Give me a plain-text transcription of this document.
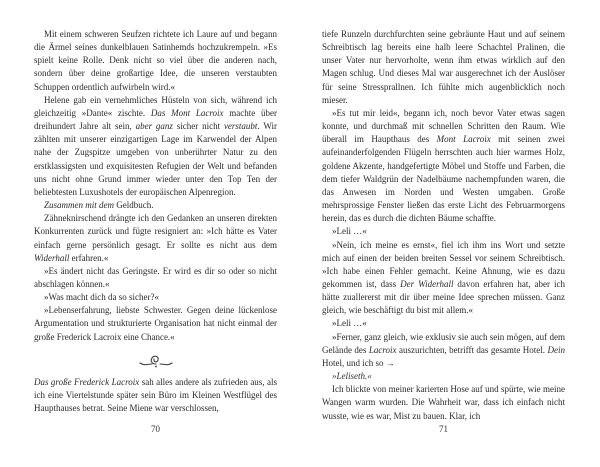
Mit einem schweren Seufzen richtete ich Laure auf und begann die Ärmel seines dunkelblauen Satinhemds hochzukrempeln. »Es spielt keine Rolle. Denk nicht so viel über die anderen nach, sondern über deine großartige Idee, die unseren verstaubten Schuppen ordentlich aufwirbeln wird.«

Helene gab ein vernehmliches Hüsteln von sich, während ich gleichzeitig »Dante« zischte. Das Mont Lacroix machte über dreihundert Jahre alt sein, aber ganz sicher nicht verstaubt. Wir zählten mit unserer einzigartigen Lage im Karwendel der Alpen nahe der Zugspitze umgeben von unberührter Natur zu den erstklassigsten und exquisitesten Refugien der Welt und befanden uns nicht ohne Grund immer wieder unter den Top Ten der beliebtesten Luxushotels der europäischen Alpenregion.

Zusammen mit dem Geldbuch.

Zähneknirschend drängte ich den Gedanken an unseren direkten Konkurrenten zurück und fügte resigniert an: »Ich hätte es Vater einfach gerne persönlich gesagt. Er sollte es nicht aus dem Widerhall erfahren.«

»Es ändert nicht das Geringste. Er wird es dir so oder so nicht abschlagen können.«

»Was macht dich da so sicher?«

»Lebenserfahrung, liebste Schwester. Gegen deine lückenlose Argumentation und strukturierte Organisation hat nicht einmal der große Frederick Lacroix eine Chance.«

Das große Frederick Lacroix sah alles andere als zufrieden aus, als ich eine Viertelstunde später sein Büro im Kleinen Westflügel des Haupthauses betrat. Seine Miene war verschlossen,

tiefe Runzeln durchfurchten seine gebräunte Haut und auf seinem Schreibtisch lag bereits eine halb leere Schachtel Pralinen, die unser Vater nur hervorholte, wenn ihm etwas wirklich auf den Magen schlug. Und dieses Mal war ausgerechnet ich der Auslöser für seine Stressprallnen. Ich fühlte mich augenblicklich noch mieser.

»Es tut mir leid«, begann ich, noch bevor Vater etwas sagen konnte, und durchmaß mit schnellen Schritten den Raum. Wie überall im Haupthaus des Mont Lacroix mit seinen zwei aufeinanderfolgenden Flügeln herrschten auch hier warmes Holz, goldene Akzente, handgefertigte Möbel und Stoffe und Farben, die dem tiefer Waldgrün der Nadelbäume nachempfunden waren, die das Anwesen im Norden und Westen umgaben. Große mehrsprossige Fenster ließen das erste Licht des Februarmorgens herein, das es durch die dichten Bäume schaffte.

»Leli …«

»Nein, ich meine es ernst«, fiel ich ihm ins Wort und setzte mich auf einen der beiden breiten Sessel vor seinem Schreibtisch. »Ich habe einen Fehler gemacht. Keine Ahnung, wie es dazu gekommen ist, dass Der Widerhall davon erfahren hat, aber ich hätte zuallererst mit dir über meine Idee sprechen müssen. Ganz gleich, wie beschäftigt du bist mit allem.«

»Leli …«

»Ferner, ganz gleich, wie exklusiv sie auch sein mögen, auf dem Gelände des Lacroix auszurichten, betrifft das gesamte Hotel. Dein Hotel, und ich so →

»Leliseth.«

Ich blickte von meiner karierten Hose auf und spürte, wie meine Wangen warm wurden. Die Wahrheit war, dass ich einfach nicht wusste, wie es war, Mist zu bauen. Klar, ich

70	71
